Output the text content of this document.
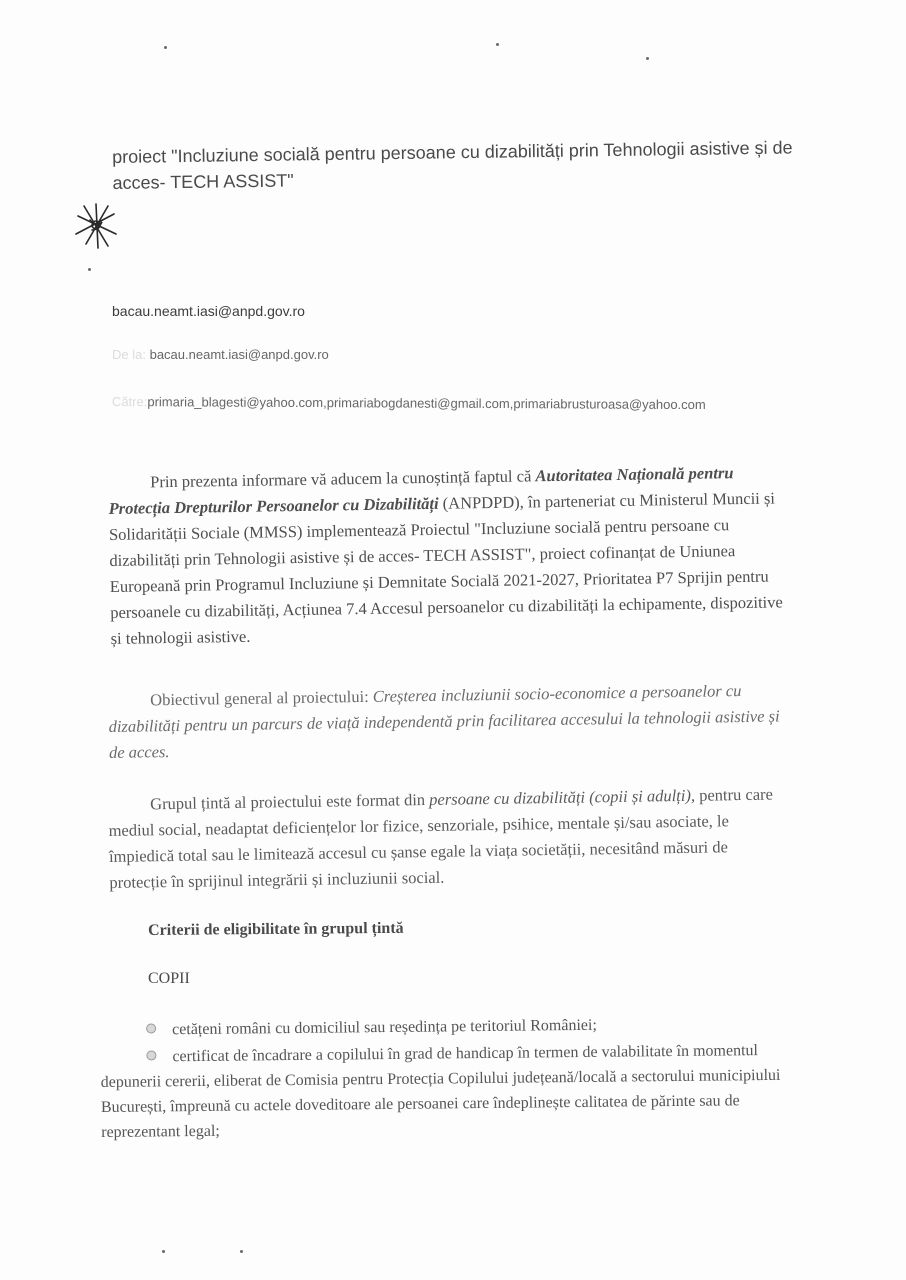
proiect "Incluziune socială pentru persoane cu dizabilități prin Tehnologii asistive și de acces- TECH ASSIST"
bacau.neamt.iasi@anpd.gov.ro
De la: bacau.neamt.iasi@anpd.gov.ro
Către:primaria_blagesti@yahoo.com,primariabogdanesti@gmail.com,primariabrusturoasa@yahoo.com

Prin prezenta informare vă aducem la cunoștință faptul că Autoritatea Națională pentru Protecția Drepturilor Persoanelor cu Dizabilități (ANPDPD), în parteneriat cu Ministerul Muncii și Solidarității Sociale (MMSS) implementează Proiectul "Incluziune socială pentru persoane cu dizabilități prin Tehnologii asistive și de acces- TECH ASSIST", proiect cofinanțat de Uniunea Europeană prin Programul Incluziune și Demnitate Socială 2021-2027, Prioritatea P7 Sprijin pentru persoanele cu dizabilități, Acțiunea 7.4 Accesul persoanelor cu dizabilități la echipamente, dispozitive și tehnologii asistive.

Obiectivul general al proiectului: Creșterea incluziunii socio-economice a persoanelor cu dizabilități pentru un parcurs de viață independentă prin facilitarea accesului la tehnologii asistive și de acces.

Grupul țintă al proiectului este format din persoane cu dizabilități (copii și adulți), pentru care mediul social, neadaptat deficiențelor lor fizice, senzoriale, psihice, mentale și/sau asociate, le împiedică total sau le limitează accesul cu șanse egale la viața societății, necesitând măsuri de protecție în sprijinul integrării și incluziunii social.

Criterii de eligibilitate în grupul țintă
COPII
cetățeni români cu domiciliul sau reședința pe teritoriul României;
certificat de încadrare a copilului în grad de handicap în termen de valabilitate în momentul depunerii cererii, eliberat de Comisia pentru Protecția Copilului județeană/locală a sectorului municipiului București, împreună cu actele doveditoare ale persoanei care îndeplinește calitatea de părinte sau de reprezentant legal;
